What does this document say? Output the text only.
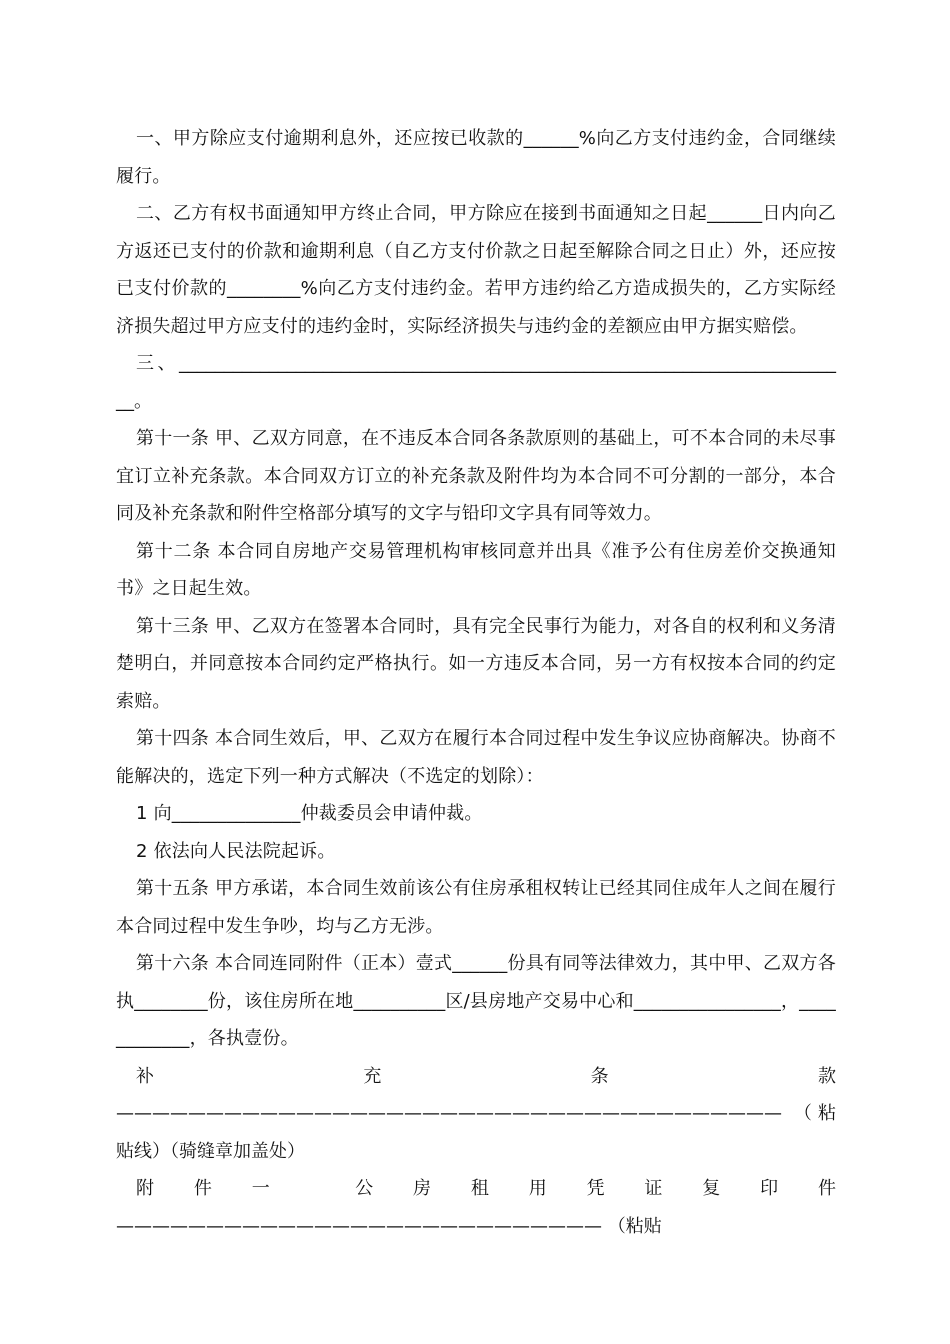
一、甲方除应支付逾期利息外，还应按已收款的______%向乙方支付违约金，合同继续履行。

二、乙方有权书面通知甲方终止合同，甲方除应在接到书面通知之日起______日内向乙方返还已支付的价款和逾期利息（自乙方支付价款之日起至解除合同之日止）外，还应按已支付价款的________%向乙方支付违约金。若甲方违约给乙方造成损失的，乙方实际经济损失超过甲方应支付的违约金时，实际经济损失与违约金的差额应由甲方据实赔偿。

三、___________________________________________________________________________。

第十一条 甲、乙双方同意，在不违反本合同各条款原则的基础上，可不本合同的未尽事宜订立补充条款。本合同双方订立的补充条款及附件均为本合同不可分割的一部分，本合同及补充条款和附件空格部分填写的文字与铅印文字具有同等效力。

第十二条 本合同自房地产交易管理机构审核同意并出具《准予公有住房差价交换通知书》之日起生效。

第十三条 甲、乙双方在签署本合同时，具有完全民事行为能力，对各自的权利和义务清楚明白，并同意按本合同约定严格执行。如一方违反本合同，另一方有权按本合同的约定索赔。

第十四条 本合同生效后，甲、乙双方在履行本合同过程中发生争议应协商解决。协商不能解决的，选定下列一种方式解决（不选定的划除）：

1 向______________仲裁委员会申请仲裁。

2 依法向人民法院起诉。

第十五条 甲方承诺，本合同生效前该公有住房承租权转让已经其同住成年人之间在履行本合同过程中发生争吵，均与乙方无涉。

第十六条 本合同连同附件（正本）壹式______份具有同等法律效力，其中甲、乙双方各执________份，该住房所在地__________区/县房地产交易中心和________________，____________，各执壹份。

补充条款 ————————————————————————————————————— （粘贴线）（骑缝章加盖处）

附件一 公房租用凭证复印件 ——————————————————————————— （粘贴
